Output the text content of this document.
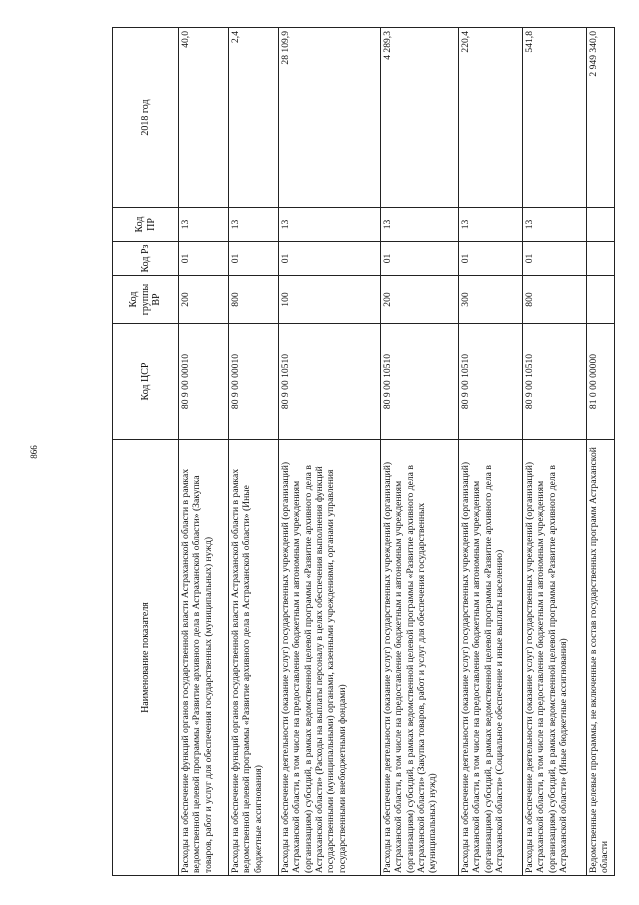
866
Наименование показателя	Код ЦСР	Код группы ВР	Код Рз	Код ПР	2018 год
Расходы на обеспечение функций органов государственной власти Астраханской области в рамках ведомственной целевой программы «Развитие архивного дела в Астраханской области» (Закупка товаров, работ и услуг для обеспечения государственных (муниципальных) нужд)	80 9 00 00010	200	01	13	40,0
Расходы на обеспечение функций органов государственной власти Астраханской области в рамках ведомственной целевой программы «Развитие архивного дела в Астраханской области» (Иные бюджетные ассигнования)	80 9 00 00010	800	01	13	2,4
Расходы на обеспечение деятельности (оказание услуг) государственных учреждений (организаций) Астраханской области, в том числе на предоставление бюджетным и автономным учреждениям (организациям) субсидий, в рамках ведомственной целевой программы «Развитие архивного дела в Астраханской области» (Расходы на выплаты персоналу в целях обеспечения выполнения функций государственными (муниципальными) органами, казенными учреждениями, органами управления государственными внебюджетными фондами)	80 9 00 10510	100	01	13	28 109,9
Расходы на обеспечение деятельности (оказание услуг) государственных учреждений (организаций) Астраханской области, в том числе на предоставление бюджетным и автономным учреждениям (организациям) субсидий, в рамках ведомственной целевой программы «Развитие архивного дела в Астраханской области» (Закупка товаров, работ и услуг для обеспечения государственных (муниципальных) нужд)	80 9 00 10510	200	01	13	4 289,3
Расходы на обеспечение деятельности (оказание услуг) государственных учреждений (организаций) Астраханской области, в том числе на предоставление бюджетным и автономным учреждениям (организациям) субсидий, в рамках ведомственной целевой программы «Развитие архивного дела в Астраханской области» (Социальное обеспечение и иные выплаты населению)	80 9 00 10510	300	01	13	220,4
Расходы на обеспечение деятельности (оказание услуг) государственных учреждений (организаций) Астраханской области, в том числе на предоставление бюджетным и автономным учреждениям (организациям) субсидий, в рамках ведомственной целевой программы «Развитие архивного дела в Астраханской области» (Иные бюджетные ассигнования)	80 9 00 10510	800	01	13	541,8
Ведомственные целевые программы, не включенные в состав государственных программ Астраханской области	81 0 00 00000				2 949 340,0
